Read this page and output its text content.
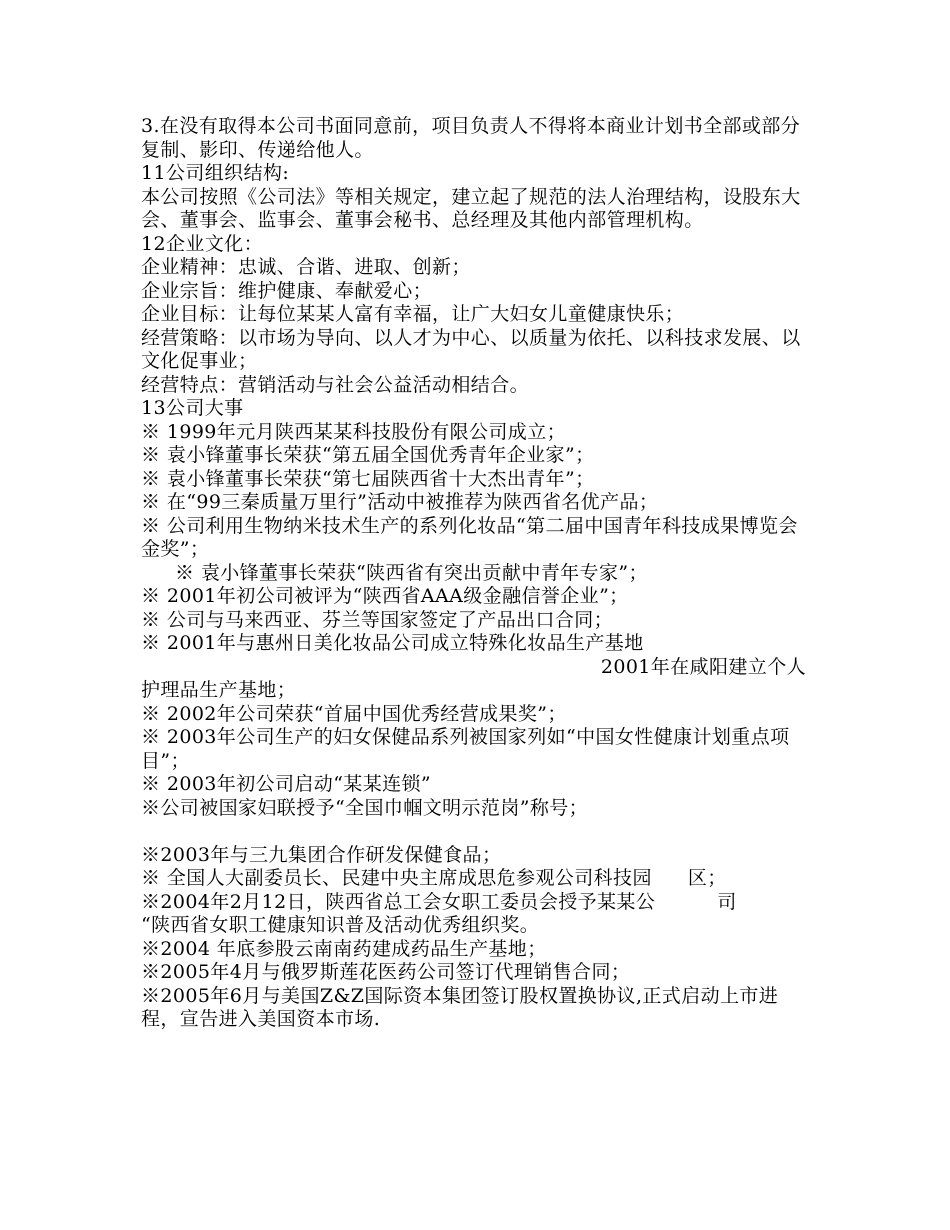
3.在没有取得本公司书面同意前，项目负责人不得将本商业计划书全部或部分复制、影印、传递给他人。

11公司组织结构:

本公司按照《公司法》等相关规定，建立起了规范的法人治理结构，设股东大会、董事会、监事会、董事会秘书、总经理及其他内部管理机构。

12企业文化：

企业精神：忠诚、合谐、进取、创新；

企业宗旨：维护健康、奉献爱心；

企业目标：让每位某某人富有幸福，让广大妇女儿童健康快乐；

经营策略：以市场为导向、以人才为中心、以质量为依托、以科技求发展、以文化促事业；

经营特点：营销活动与社会公益活动相结合。

13公司大事

※ 1999年元月陕西某某科技股份有限公司成立；

※ 袁小锋董事长荣获“第五届全国优秀青年企业家”；

※ 袁小锋董事长荣获“第七届陕西省十大杰出青年”；

※ 在“99三秦质量万里行”活动中被推荐为陕西省名优产品；

※ 公司利用生物纳米技术生产的系列化妆品“第二届中国青年科技成果博览会金奖”；

※ 袁小锋董事长荣获“陕西省有突出贡献中青年专家”；

※ 2001年初公司被评为“陕西省AAA级金融信誉企业”；

※ 公司与马来西亚、芬兰等国家签定了产品出口合同；

※ 2001年与惠州日美化妆品公司成立特殊化妆品生产基地

2001年在咸阳建立个人

护理品生产基地；

※ 2002年公司荣获“首届中国优秀经营成果奖”；

※ 2003年公司生产的妇女保健品系列被国家列如“中国女性健康计划重点项目”；

※ 2003年初公司启动“某某连锁”

※公司被国家妇联授予“全国巾帼文明示范岗”称号；

※2003年与三九集团合作研发保健食品；

※ 全国人大副委员长、民建中央主席成思危参观公司科技园 区；

※2004年2月12日，陕西省总工会女职工委员会授予某某公	司

“陕西省女职工健康知识普及活动优秀组织奖。

※2004 年底参股云南南药建成药品生产基地；

※2005年4月与俄罗斯莲花医药公司签订代理销售合同；

※2005年6月与美国Z&Z国际资本集团签订股权置换协议,正式启动上市进程，宣告进入美国资本市场.
